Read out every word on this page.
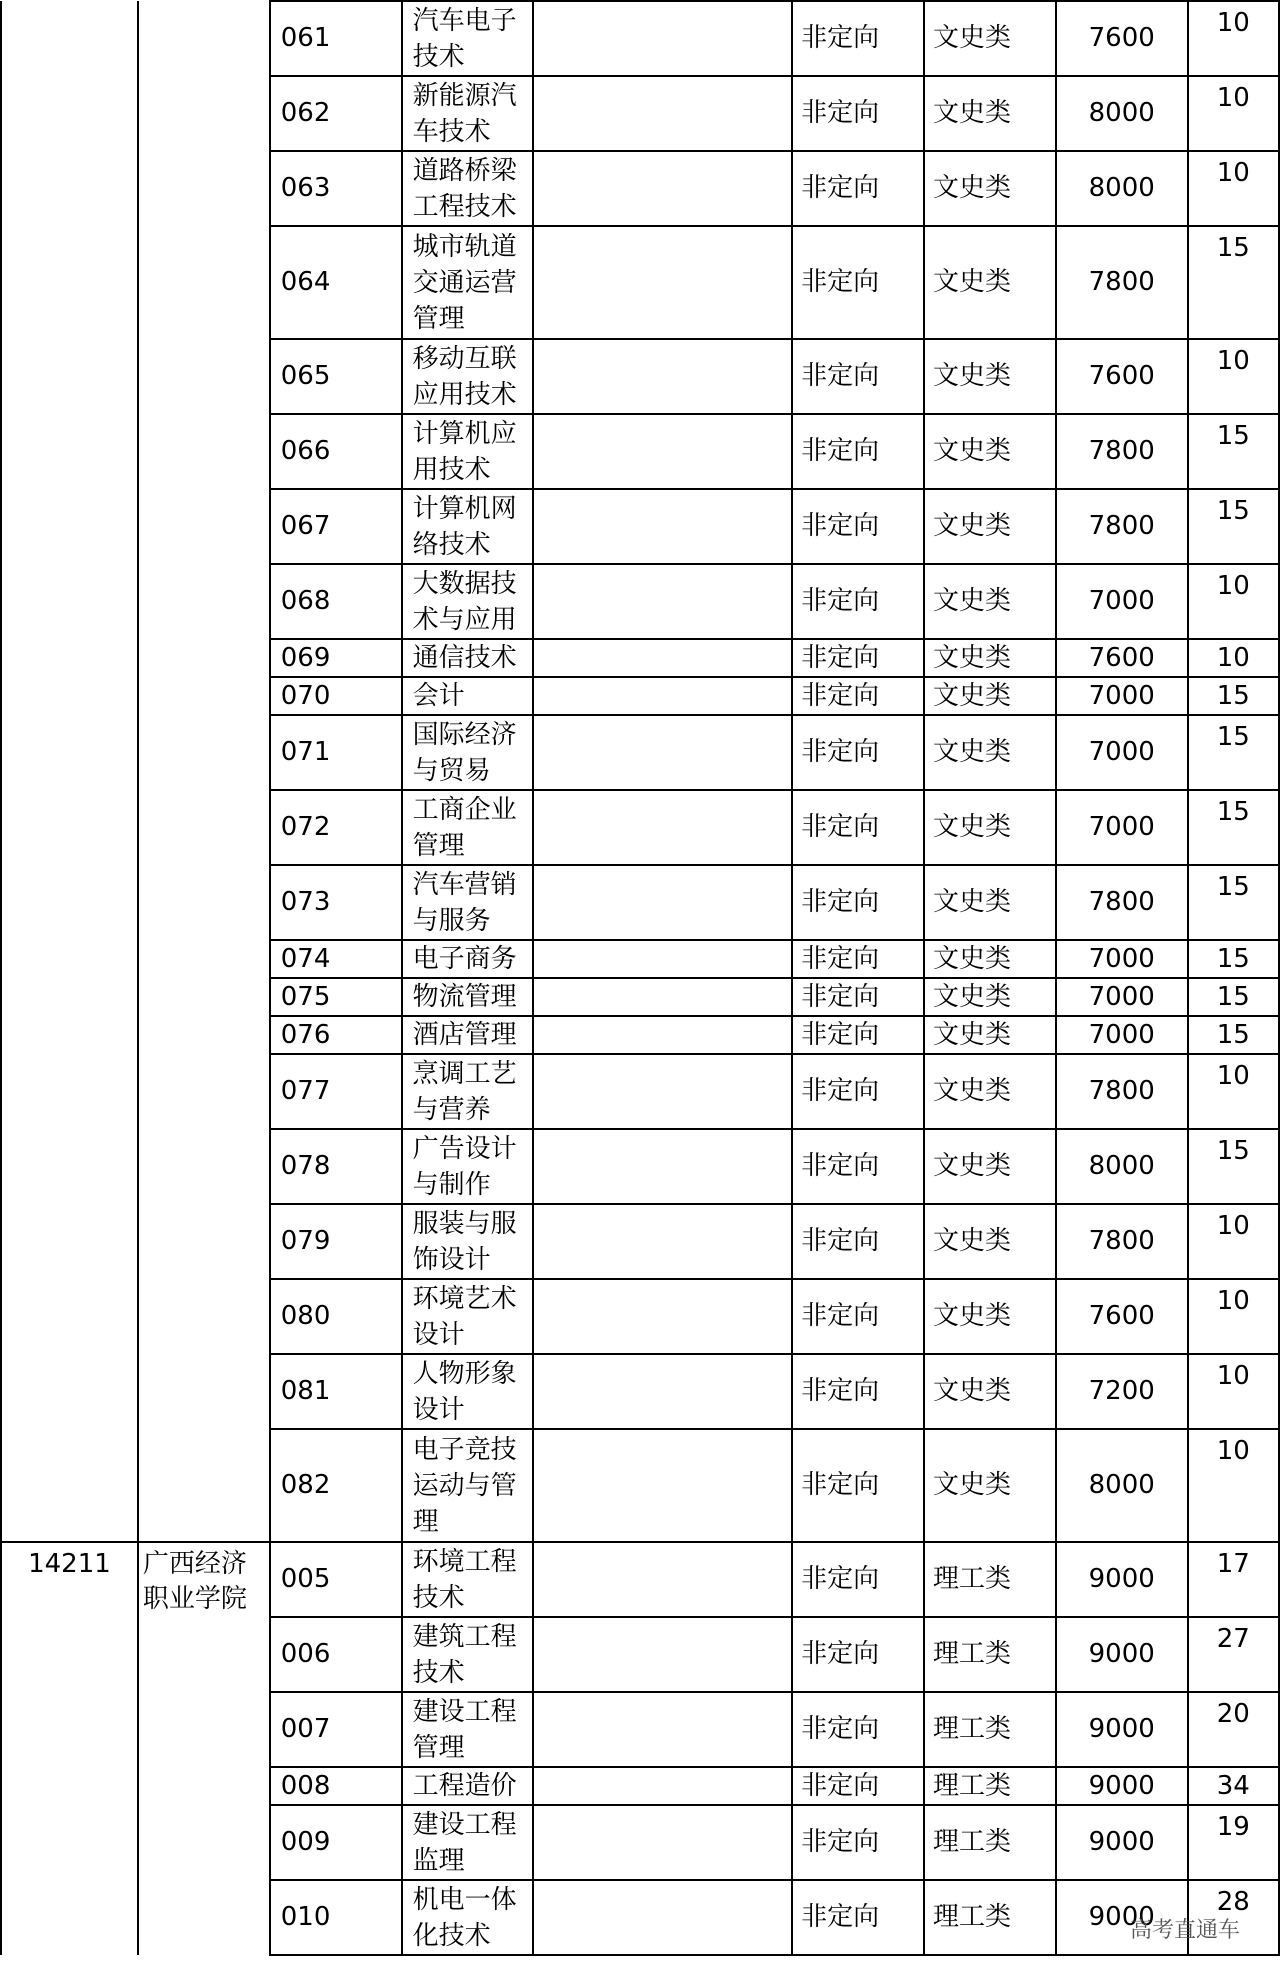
		061	汽车电子技术		非定向	文史类	7600	10
		062	新能源汽车技术		非定向	文史类	8000	10
		063	道路桥梁工程技术		非定向	文史类	8000	10
		064	城市轨道交通运营管理		非定向	文史类	7800	15
		065	移动互联应用技术		非定向	文史类	7600	10
		066	计算机应用技术		非定向	文史类	7800	15
		067	计算机网络技术		非定向	文史类	7800	15
		068	大数据技术与应用		非定向	文史类	7000	10
		069	通信技术		非定向	文史类	7600	10
		070	会计		非定向	文史类	7000	15
		071	国际经济与贸易		非定向	文史类	7000	15
		072	工商企业管理		非定向	文史类	7000	15
		073	汽车营销与服务		非定向	文史类	7800	15
		074	电子商务		非定向	文史类	7000	15
		075	物流管理		非定向	文史类	7000	15
		076	酒店管理		非定向	文史类	7000	15
		077	烹调工艺与营养		非定向	文史类	7800	10
		078	广告设计与制作		非定向	文史类	8000	15
		079	服装与服饰设计		非定向	文史类	7800	10
		080	环境艺术设计		非定向	文史类	7600	10
		081	人物形象设计		非定向	文史类	7200	10
		082	电子竞技运动与管理		非定向	文史类	8000	10
14211	广西经济职业学院	005	环境工程技术		非定向	理工类	9000	17
		006	建筑工程技术		非定向	理工类	9000	27
		007	建设工程管理		非定向	理工类	9000	20
		008	工程造价		非定向	理工类	9000	34
		009	建设工程监理		非定向	理工类	9000	19
		010	机电一体化技术		非定向	理工类	9000	28
高考直通车
